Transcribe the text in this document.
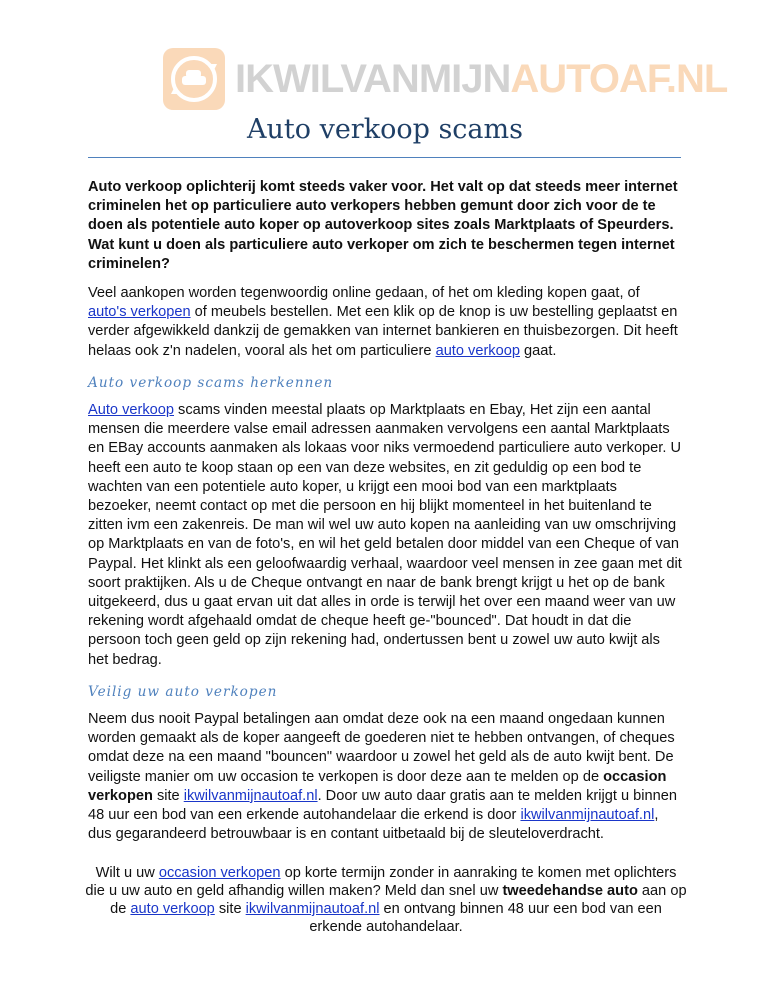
IKWILVANMIJNAUTOAF.NL
Auto verkoop scams

Auto verkoop oplichterij komt steeds vaker voor. Het valt op dat steeds meer internet criminelen het op particuliere auto verkopers hebben gemunt door zich voor de te doen als potentiele auto koper op autoverkoop sites zoals Marktplaats of Speurders. Wat kunt u doen als particuliere auto verkoper om zich te beschermen tegen internet criminelen?

Veel aankopen worden tegenwoordig online gedaan, of het om kleding kopen gaat, of auto's verkopen of meubels bestellen. Met een klik op de knop is uw bestelling geplaatst en verder afgewikkeld dankzij de gemakken van internet bankieren en thuisbezorgen. Dit heeft helaas ook z'n nadelen, vooral als het om particuliere auto verkoop gaat.

Auto verkoop scams herkennen

Auto verkoop scams vinden meestal plaats op Marktplaats en Ebay, Het zijn een aantal mensen die meerdere valse email adressen aanmaken vervolgens een aantal Marktplaats en EBay accounts aanmaken als lokaas voor niks vermoedend particuliere auto verkoper. U heeft een auto te koop staan op een van deze websites, en zit geduldig op een bod te wachten van een potentiele auto koper, u krijgt een mooi bod van een marktplaats bezoeker, neemt contact op met die persoon en hij blijkt momenteel in het buitenland te zitten ivm een zakenreis. De man wil wel uw auto kopen na aanleiding van uw omschrijving op Marktplaats en van de foto's, en wil het geld betalen door middel van een Cheque of van Paypal. Het klinkt als een geloofwaardig verhaal, waardoor veel mensen in zee gaan met dit soort praktijken. Als u de Cheque ontvangt en naar de bank brengt krijgt u het op de bank uitgekeerd, dus u gaat ervan uit dat alles in orde is terwijl het over een maand weer van uw rekening wordt afgehaald omdat de cheque heeft ge-"bounced". Dat houdt in dat die persoon toch geen geld op zijn rekening had, ondertussen bent u zowel uw auto kwijt als het bedrag.

Veilig uw auto verkopen

Neem dus nooit Paypal betalingen aan omdat deze ook na een maand ongedaan kunnen worden gemaakt als de koper aangeeft de goederen niet te hebben ontvangen, of cheques omdat deze na een maand "bouncen" waardoor u zowel het geld als de auto kwijt bent. De veiligste manier om uw occasion te verkopen is door deze aan te melden op de occasion verkopen site ikwilvanmijnautoaf.nl. Door uw auto daar gratis aan te melden krijgt u binnen 48 uur een bod van een erkende autohandelaar die erkend is door ikwilvanmijnautoaf.nl, dus gegarandeerd betrouwbaar is en contant uitbetaald bij de sleuteloverdracht.

Wilt u uw occasion verkopen op korte termijn zonder in aanraking te komen met oplichters die u uw auto en geld afhandig willen maken? Meld dan snel uw tweedehandse auto aan op de auto verkoop site ikwilvanmijnautoaf.nl en ontvang binnen 48 uur een bod van een erkende autohandelaar.
